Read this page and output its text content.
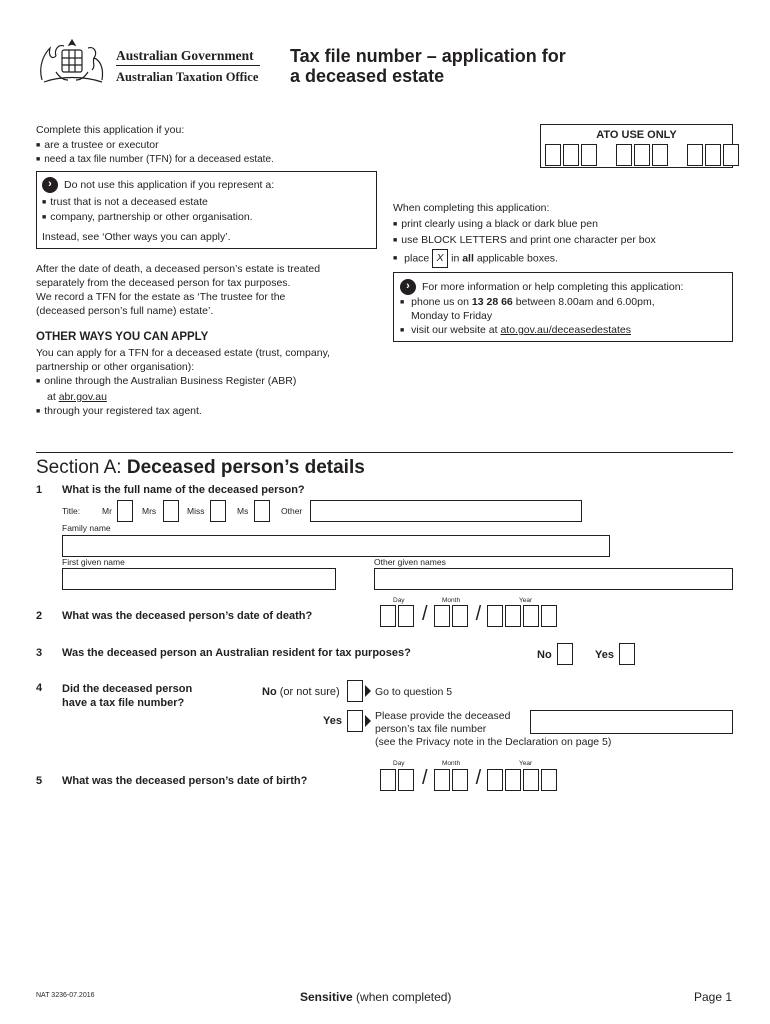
Australian Government
Australian Taxation Office
Tax file number – application for
a deceased estate
ATO USE ONLY

Complete this application if you:
■ are a trustee or executor
■ need a tax file number (TFN) for a deceased estate.
› Do not use this application if you represent a:
■ trust that is not a deceased estate
■ company, partnership or other organisation.
Instead, see ‘Other ways you can apply’.
After the date of death, a deceased person’s estate is treated
separately from the deceased person for tax purposes.
We record a TFN for the estate as ‘The trustee for the
(deceased person’s full name) estate’.
OTHER WAYS YOU CAN APPLY
You can apply for a TFN for a deceased estate (trust, company,
partnership or other organisation):
■ online through the Australian Business Register (ABR)
at abr.gov.au
■ through your registered tax agent.
When completing this application:
■ print clearly using a black or dark blue pen
■ use BLOCK LETTERS and print one character per box
■ place X in all applicable boxes.
› For more information or help completing this application:
■ phone us on 13 28 66 between 8.00am and 6.00pm,
Monday to Friday
■ visit our website at ato.gov.au/deceasedestates
Section A: Deceased person’s details
1 What is the full name of the deceased person?
Title:	Mr	Mrs	Miss	Ms	Other
Family name
First given name	Other given names
Day	Month	Year
2 What was the deceased person’s date of death?	/ /
3 Was the deceased person an Australian resident for tax purposes?	No	Yes
4 Did the deceased person
have a tax file number?
No (or not sure)	Go to question 5
Yes	Please provide the deceased
person’s tax file number
(see the Privacy note in the Declaration on page 5)
Day	Month	Year
5 What was the deceased person’s date of birth?	/ /
NAT 3236-07.2016	Sensitive (when completed)	Page 1
